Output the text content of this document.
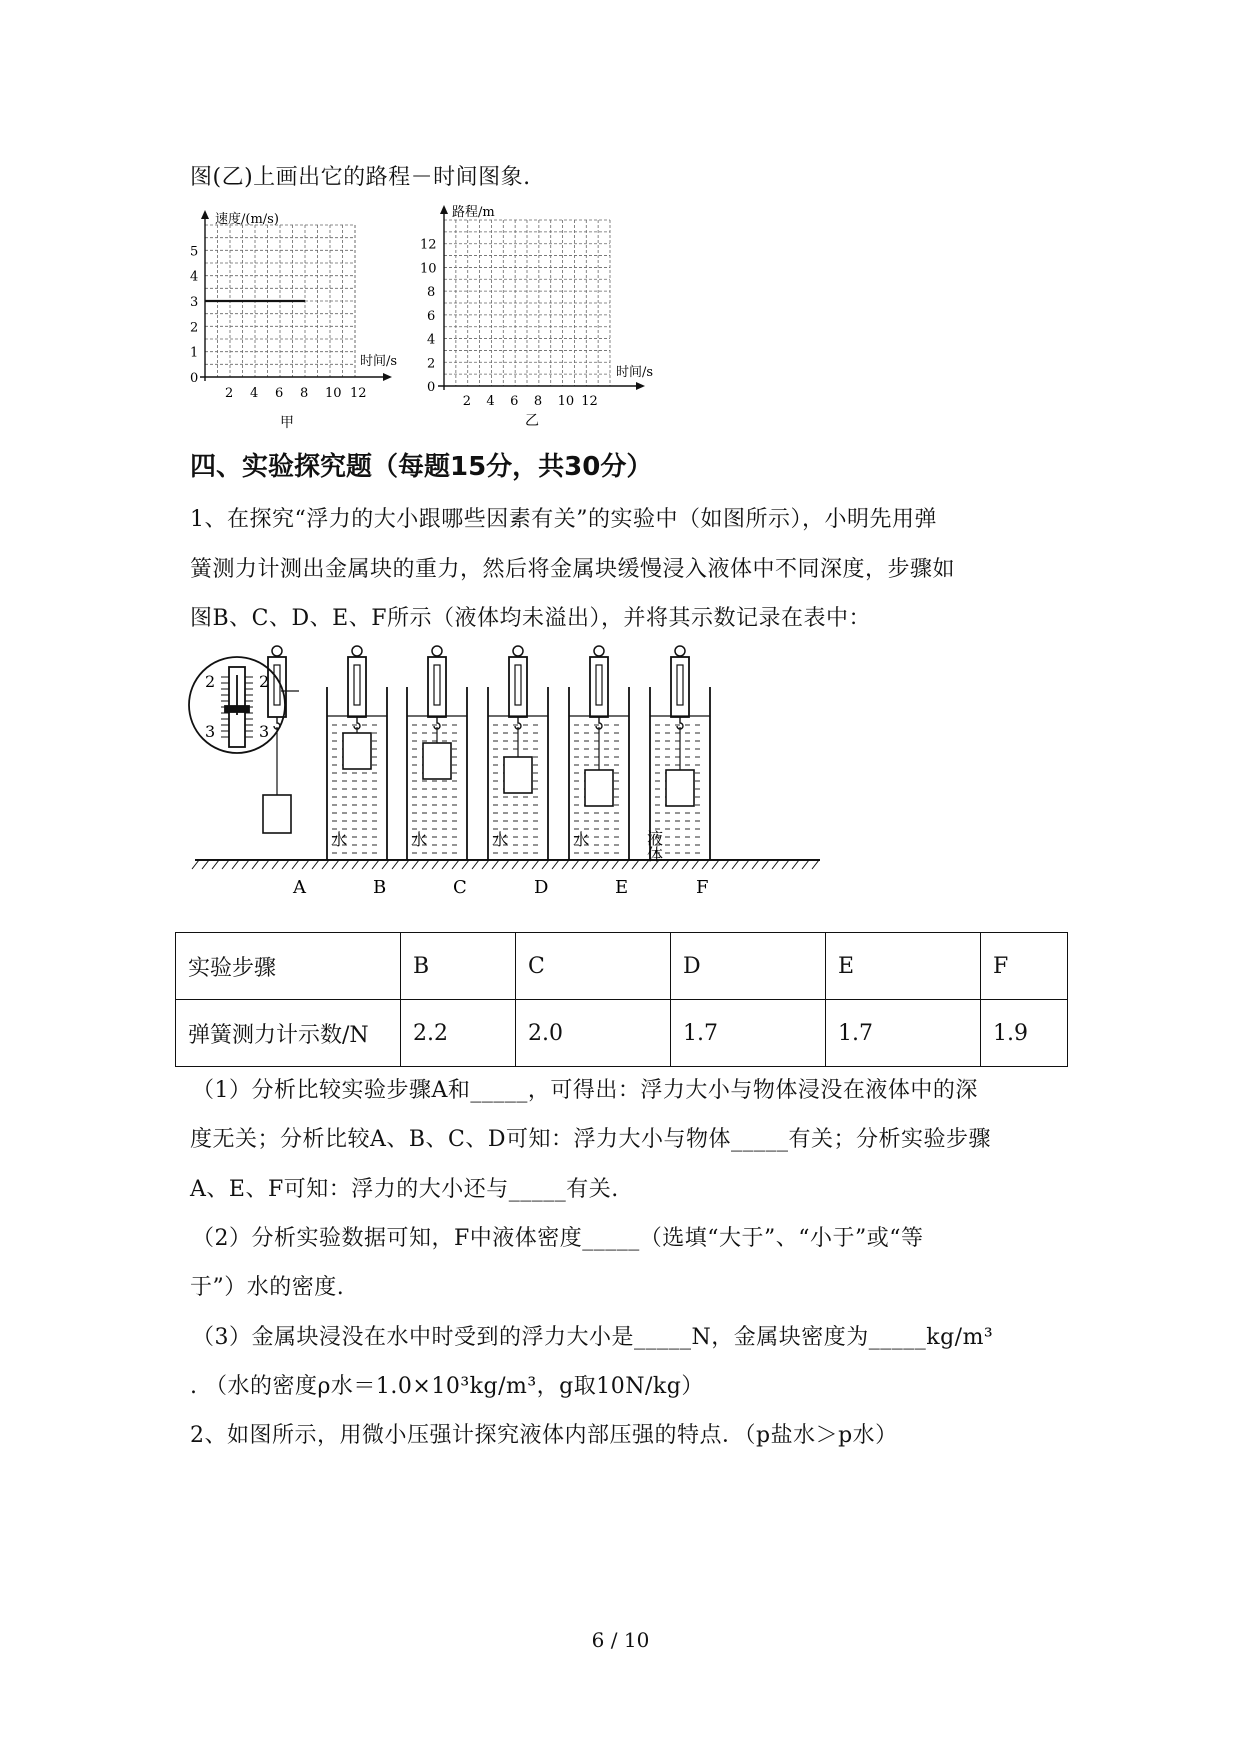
图(乙)上画出它的路程－时间图象.
速度/(m/s)
时间/s
5
4
3
2
1
0
2 4 6 8 10 12
甲
路程/m
时间/s
12
10
8
6
4
2
0
2 4 6 8 10 12
乙
四、实验探究题（每题15分，共30分）
1、在探究“浮力的大小跟哪些因素有关”的实验中（如图所示），小明先用弹
簧测力计测出金属块的重力，然后将金属块缓慢浸入液体中不同深度，步骤如
图B、C、D、E、F所示（液体均未溢出），并将其示数记录在表中：
2	2
3	3
A	B	C	D	E	F
水	水	水	水	液体
实验步骤	B	C	D	E	F
弹簧测力计示数/N	2.2	2.0	1.7	1.7	1.9
（1）分析比较实验步骤A和_____，可得出：浮力大小与物体浸没在液体中的深
度无关；分析比较A、B、C、D可知：浮力大小与物体_____有关；分析实验步骤
A、E、F可知：浮力的大小还与_____有关.
（2）分析实验数据可知，F中液体密度_____（选填“大于”、“小于”或“等
于”）水的密度.
（3）金属块浸没在水中时受到的浮力大小是_____N，金属块密度为_____kg/m³
. （水的密度ρ水＝1.0×10³kg/m³，g取10N/kg）
2、如图所示，用微小压强计探究液体内部压强的特点．（p盐水＞p水）
6 / 10
